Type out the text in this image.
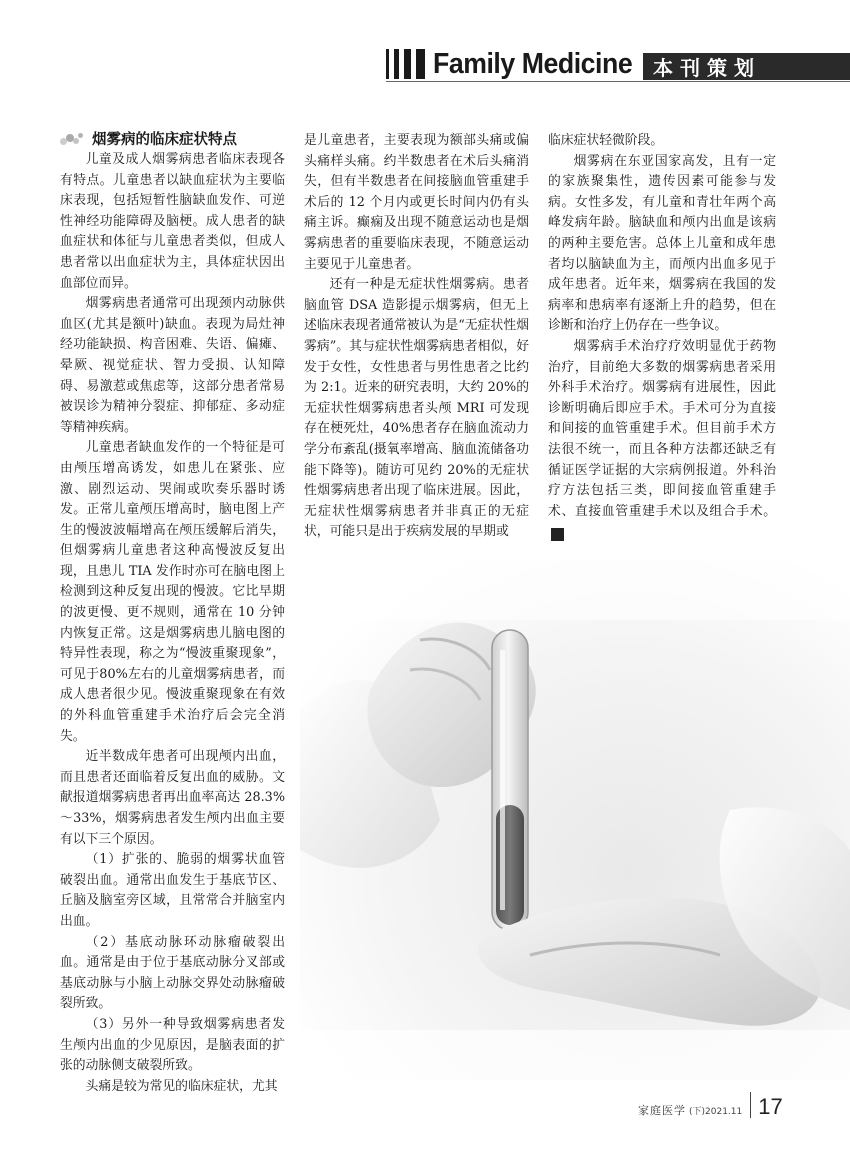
Family Medicine	本刊策划
烟雾病的临床症状特点

儿童及成人烟雾病患者临床表现各有特点。儿童患者以缺血症状为主要临床表现，包括短暂性脑缺血发作、可逆性神经功能障碍及脑梗。成人患者的缺血症状和体征与儿童患者类似，但成人患者常以出血症状为主，具体症状因出血部位而异。

烟雾病患者通常可出现颈内动脉供血区(尤其是额叶)缺血。表现为局灶神经功能缺损、构音困难、失语、偏瘫、晕厥、视觉症状、智力受损、认知障碍、易激惹或焦虑等，这部分患者常易被误诊为精神分裂症、抑郁症、多动症等精神疾病。

儿童患者缺血发作的一个特征是可由颅压增高诱发，如患儿在紧张、应激、剧烈运动、哭闹或吹奏乐器时诱发。正常儿童颅压增高时，脑电图上产生的慢波波幅增高在颅压缓解后消失，但烟雾病儿童患者这种高慢波反复出现，且患儿 TIA 发作时亦可在脑电图上检测到这种反复出现的慢波。它比早期的波更慢、更不规则，通常在 10 分钟内恢复正常。这是烟雾病患儿脑电图的特异性表现，称之为“慢波重聚现象”，可见于80%左右的儿童烟雾病患者，而成人患者很少见。慢波重聚现象在有效的外科血管重建手术治疗后会完全消失。

近半数成年患者可出现颅内出血，而且患者还面临着反复出血的威胁。文献报道烟雾病患者再出血率高达 28.3%～33%，烟雾病患者发生颅内出血主要有以下三个原因。

（1）扩张的、脆弱的烟雾状血管破裂出血。通常出血发生于基底节区、丘脑及脑室旁区域，且常常合并脑室内出血。

（2）基底动脉环动脉瘤破裂出血。通常是由于位于基底动脉分叉部或基底动脉与小脑上动脉交界处动脉瘤破裂所致。

（3）另外一种导致烟雾病患者发生颅内出血的少见原因，是脑表面的扩张的动脉侧支破裂所致。

头痛是较为常见的临床症状，尤其

是儿童患者，主要表现为额部头痛或偏头痛样头痛。约半数患者在术后头痛消失，但有半数患者在间接脑血管重建手术后的 12 个月内或更长时间内仍有头痛主诉。癫痫及出现不随意运动也是烟雾病患者的重要临床表现，不随意运动主要见于儿童患者。

还有一种是无症状性烟雾病。患者脑血管 DSA 造影提示烟雾病，但无上述临床表现者通常被认为是“无症状性烟雾病”。其与症状性烟雾病患者相似，好发于女性，女性患者与男性患者之比约为 2:1。近来的研究表明，大约 20%的无症状性烟雾病患者头颅 MRI 可发现存在梗死灶，40%患者存在脑血流动力学分布紊乱(摄氧率增高、脑血流储备功能下降等)。随访可见约 20%的无症状性烟雾病患者出现了临床进展。因此，无症状性烟雾病患者并非真正的无症状，可能只是出于疾病发展的早期或

临床症状轻微阶段。

烟雾病在东亚国家高发，且有一定的家族聚集性，遗传因素可能参与发病。女性多发，有儿童和青壮年两个高峰发病年龄。脑缺血和颅内出血是该病的两种主要危害。总体上儿童和成年患者均以脑缺血为主，而颅内出血多见于成年患者。近年来，烟雾病在我国的发病率和患病率有逐渐上升的趋势，但在诊断和治疗上仍存在一些争议。

烟雾病手术治疗疗效明显优于药物治疗，目前绝大多数的烟雾病患者采用外科手术治疗。烟雾病有进展性，因此诊断明确后即应手术。手术可分为直接和间接的血管重建手术。但目前手术方法很不统一，而且各种方法都还缺乏有循证医学证据的大宗病例报道。外科治疗方法包括三类，即间接血管重建手术、直接血管重建手术以及组合手术。FM

家庭医学 (下)2021.11 17
